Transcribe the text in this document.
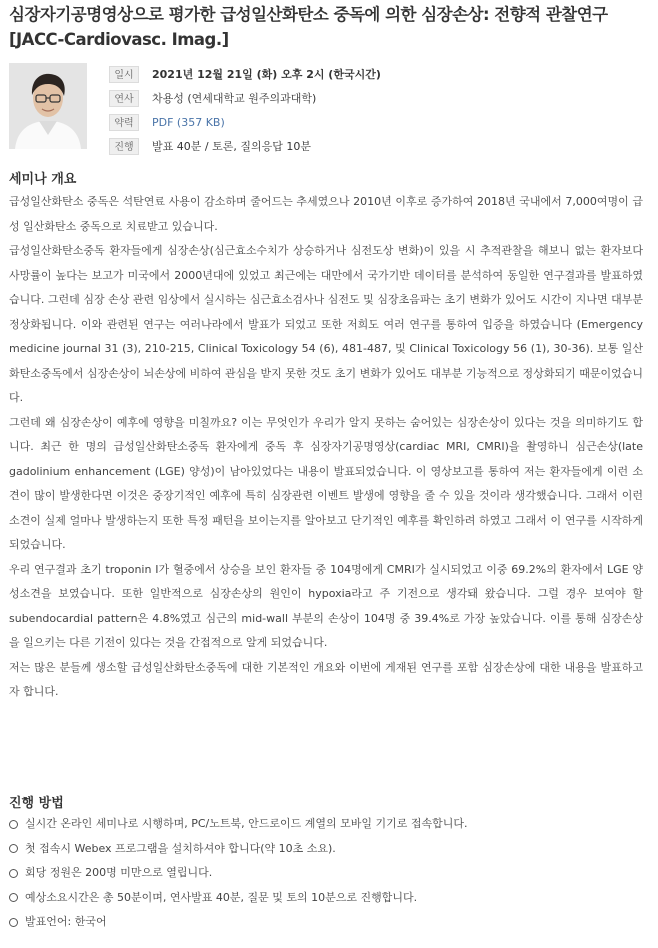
심장자기공명영상으로 평가한 급성일산화탄소 중독에 의한 심장손상: 전향적 관찰연구 [JACC-Cardiovasc. Imag.]
일시	2021년 12월 21일 (화) 오후 2시 (한국시간)
연사	차용성 (연세대학교 원주의과대학)
약력	PDF (357 KB)
진행	발표 40분 / 토론, 질의응답 10분
세미나 개요

급성일산화탄소 중독은 석탄연료 사용이 감소하며 줄어드는 추세였으나 2010년 이후로 증가하여 2018년 국내에서 7,000여명이 급성 일산화탄소 중독으로 치료받고 있습니다.

급성일산화탄소중독 환자들에게 심장손상(심근효소수치가 상승하거나 심전도상 변화)이 있을 시 추적관찰을 해보니 없는 환자보다 사망률이 높다는 보고가 미국에서 2000년대에 있었고 최근에는 대만에서 국가기반 데이터를 분석하여 동일한 연구결과를 발표하였습니다. 그런데 심장 손상 관련 임상에서 실시하는 심근효소검사나 심전도 및 심장초음파는 초기 변화가 있어도 시간이 지나면 대부분 정상화됩니다. 이와 관련된 연구는 여러나라에서 발표가 되었고 또한 저희도 여러 연구를 통하여 입증을 하였습니다 (Emergency medicine journal 31 (3), 210-215, Clinical Toxicology 54 (6), 481-487, 및 Clinical Toxicology 56 (1), 30-36). 보통 일산화탄소중독에서 심장손상이 뇌손상에 비하여 관심을 받지 못한 것도 초기 변화가 있어도 대부분 기능적으로 정상화되기 때문이었습니다.

그런데 왜 심장손상이 예후에 영향을 미칠까요? 이는 무엇인가 우리가 알지 못하는 숨어있는 심장손상이 있다는 것을 의미하기도 합니다. 최근 한 명의 급성일산화탄소중독 환자에게 중독 후 심장자기공명영상(cardiac MRI, CMRI)을 촬영하니 심근손상(late gadolinium enhancement (LGE) 양성)이 남아있었다는 내용이 발표되었습니다. 이 영상보고를 통하여 저는 환자들에게 이런 소견이 많이 발생한다면 이것은 중장기적인 예후에 특히 심장관련 이벤트 발생에 영향을 줄 수 있을 것이라 생각했습니다. 그래서 이런 소견이 실제 얼마나 발생하는지 또한 특정 패턴을 보이는지를 알아보고 단기적인 예후를 확인하려 하였고 그래서 이 연구를 시작하게 되었습니다.

우리 연구결과 초기 troponin I가 혈중에서 상승을 보인 환자들 중 104명에게 CMRI가 실시되었고 이중 69.2%의 환자에서 LGE 양성소견을 보였습니다. 또한 일반적으로 심장손상의 원인이 hypoxia라고 주 기전으로 생각돼 왔습니다. 그럴 경우 보여야 할 subendocardial pattern은 4.8%였고 심근의 mid-wall 부분의 손상이 104명 중 39.4%로 가장 높았습니다. 이를 통해 심장손상을 일으키는 다른 기전이 있다는 것을 간접적으로 알게 되었습니다.

저는 많은 분들께 생소할 급성일산화탄소중독에 대한 기본적인 개요와 이번에 게재된 연구를 포함 심장손상에 대한 내용을 발표하고자 합니다.

진행 방법
실시간 온라인 세미나로 시행하며, PC/노트북, 안드로이드 계열의 모바일 기기로 접속합니다.
첫 접속시 Webex 프로그램을 설치하셔야 합니다(약 10초 소요).
회당 정원은 200명 미만으로 열립니다.
예상소요시간은 총 50분이며, 연사발표 40분, 질문 및 토의 10분으로 진행합니다.
발표언어: 한국어
